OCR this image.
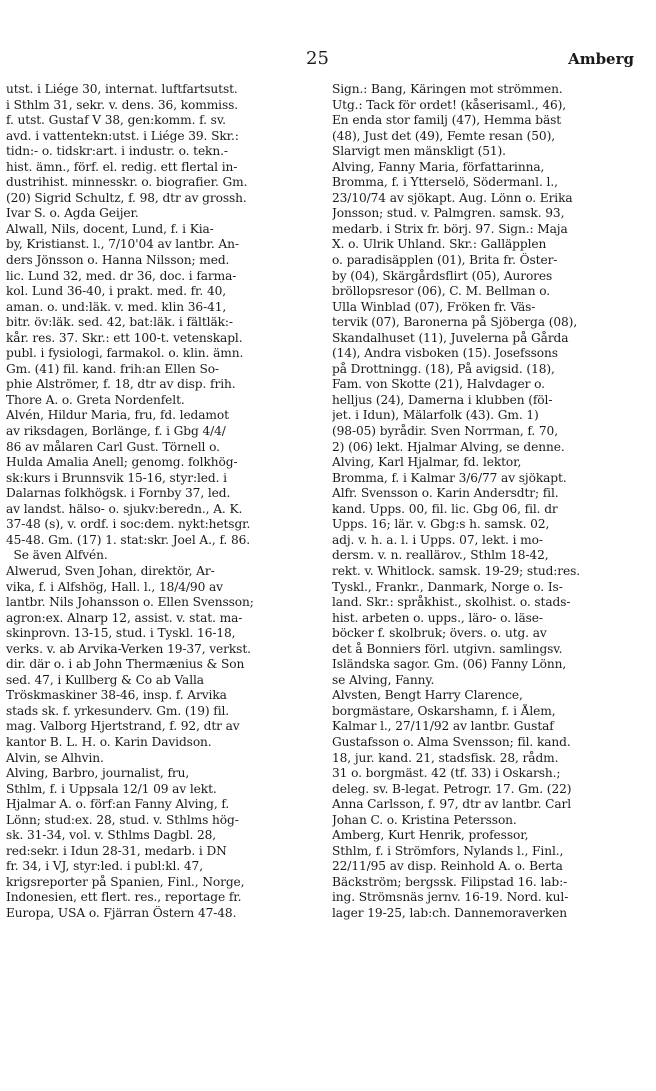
25	Amberg
utst. i Liége 30, internat. luftfartsutst.
i Sthlm 31, sekr. v. dens. 36, kommiss.
f. utst. Gustaf V 38, gen:komm. f. sv.
avd. i vattentekn:utst. i Liége 39. Skr.:
tidn:- o. tidskr:art. i industr. o. tekn.-
hist. ämn., förf. el. redig. ett flertal in-
dustrihist. minnesskr. o. biografier. Gm.
(20) Sigrid Schultz, f. 98, dtr av grossh.
Ivar S. o. Agda Geijer.
Alwall, Nils, docent, Lund, f. i Kia-
by, Kristianst. l., 7/10'04 av lantbr. An-
ders Jönsson o. Hanna Nilsson; med.
lic. Lund 32, med. dr 36, doc. i farma-
kol. Lund 36-40, i prakt. med. fr. 40,
aman. o. und:läk. v. med. klin 36-41,
bitr. öv:läk. sed. 42, bat:läk. i fältläk:-
kår. res. 37. Skr.: ett 100-t. vetenskapl.
publ. i fysiologi, farmakol. o. klin. ämn.
Gm. (41) fil. kand. frih:an Ellen So-
phie Alströmer, f. 18, dtr av disp. frih.
Thore A. o. Greta Nordenfelt.
Alvén, Hildur Maria, fru, fd. ledamot
av riksdagen, Borlänge, f. i Gbg 4/4/
86 av målaren Carl Gust. Törnell o.
Hulda Amalia Anell; genomg. folkhög-
sk:kurs i Brunnsvik 15-16, styr:led. i
Dalarnas folkhögsk. i Fornby 37, led.
av landst. hälso- o. sjukv:beredn., A. K.
37-48 (s), v. ordf. i soc:dem. nykt:hetsgr.
45-48. Gm. (17) 1. stat:skr. Joel A., f. 86.
Se även Alfvén.
Alwerud, Sven Johan, direktör, Ar-
vika, f. i Alfshög, Hall. l., 18/4/90 av
lantbr. Nils Johansson o. Ellen Svensson;
agron:ex. Alnarp 12, assist. v. stat. ma-
skinprovn. 13-15, stud. i Tyskl. 16-18,
verks. v. ab Arvika-Verken 19-37, verkst.
dir. där o. i ab John Thermænius & Son
sed. 47, i Kullberg & Co ab Valla
Tröskmaskiner 38-46, insp. f. Arvika
stads sk. f. yrkesunderv. Gm. (19) fil.
mag. Valborg Hjertstrand, f. 92, dtr av
kantor B. L. H. o. Karin Davidson.
Alvin, se Alhvin.
Alving, Barbro, journalist, fru,
Sthlm, f. i Uppsala 12/1 09 av lekt.
Hjalmar A. o. förf:an Fanny Alving, f.
Lönn; stud:ex. 28, stud. v. Sthlms hög-
sk. 31-34, vol. v. Sthlms Dagbl. 28,
red:sekr. i Idun 28-31, medarb. i DN
fr. 34, i VJ, styr:led. i publ:kl. 47,
krigsreporter på Spanien, Finl., Norge,
Indonesien, ett flert. res., reportage fr.
Europa, USA o. Fjärran Östern 47-48.
Sign.: Bang, Käringen mot strömmen.
Utg.: Tack för ordet! (kåserisaml., 46),
En enda stor familj (47), Hemma bäst
(48), Just det (49), Femte resan (50),
Slarvigt men mänskligt (51).
Alving, Fanny Maria, författarinna,
Bromma, f. i Ytterselö, Södermanl. l.,
23/10/74 av sjökapt. Aug. Lönn o. Erika
Jonsson; stud. v. Palmgren. samsk. 93,
medarb. i Strix fr. börj. 97. Sign.: Maja
X. o. Ulrik Uhland. Skr.: Galläpplen
o. paradisäpplen (01), Brita fr. Öster-
by (04), Skärgårdsflirt (05), Aurores
bröllopsresor (06), C. M. Bellman o.
Ulla Winblad (07), Fröken fr. Väs-
tervik (07), Baronerna på Sjöberga (08),
Skandalhuset (11), Juvelerna på Gårda
(14), Andra visboken (15). Josefssons
på Drottningg. (18), På avigsid. (18),
Fam. von Skotte (21), Halvdager o.
helljus (24), Damerna i klubben (föl-
jet. i Idun), Mälarfolk (43). Gm. 1)
(98-05) byrådir. Sven Norrman, f. 70,
2) (06) lekt. Hjalmar Alving, se denne.
Alving, Karl Hjalmar, fd. lektor,
Bromma, f. i Kalmar 3/6/77 av sjökapt.
Alfr. Svensson o. Karin Andersdtr; fil.
kand. Upps. 00, fil. lic. Gbg 06, fil. dr
Upps. 16; lär. v. Gbg:s h. samsk. 02,
adj. v. h. a. l. i Upps. 07, lekt. i mo-
dersm. v. n. reallärov., Sthlm 18-42,
rekt. v. Whitlock. samsk. 19-29; stud:res.
Tyskl., Frankr., Danmark, Norge o. Is-
land. Skr.: språkhist., skolhist. o. stads-
hist. arbeten o. upps., läro- o. läse-
böcker f. skolbruk; övers. o. utg. av
det å Bonniers förl. utgivn. samlingsv.
Isländska sagor. Gm. (06) Fanny Lönn,
se Alving, Fanny.
Alvsten, Bengt Harry Clarence,
borgmästare, Oskarshamn, f. i Ålem,
Kalmar l., 27/11/92 av lantbr. Gustaf
Gustafsson o. Alma Svensson; fil. kand.
18, jur. kand. 21, stadsfisk. 28, rådm.
31 o. borgmäst. 42 (tf. 33) i Oskarsh.;
deleg. sv. B-legat. Petrogr. 17. Gm. (22)
Anna Carlsson, f. 97, dtr av lantbr. Carl
Johan C. o. Kristina Petersson.
Amberg, Kurt Henrik, professor,
Sthlm, f. i Strömfors, Nylands l., Finl.,
22/11/95 av disp. Reinhold A. o. Berta
Bäckström; bergssk. Filipstad 16. lab:-
ing. Strömsnäs jernv. 16-19. Nord. kul-
lager 19-25, lab:ch. Dannemoraverken
